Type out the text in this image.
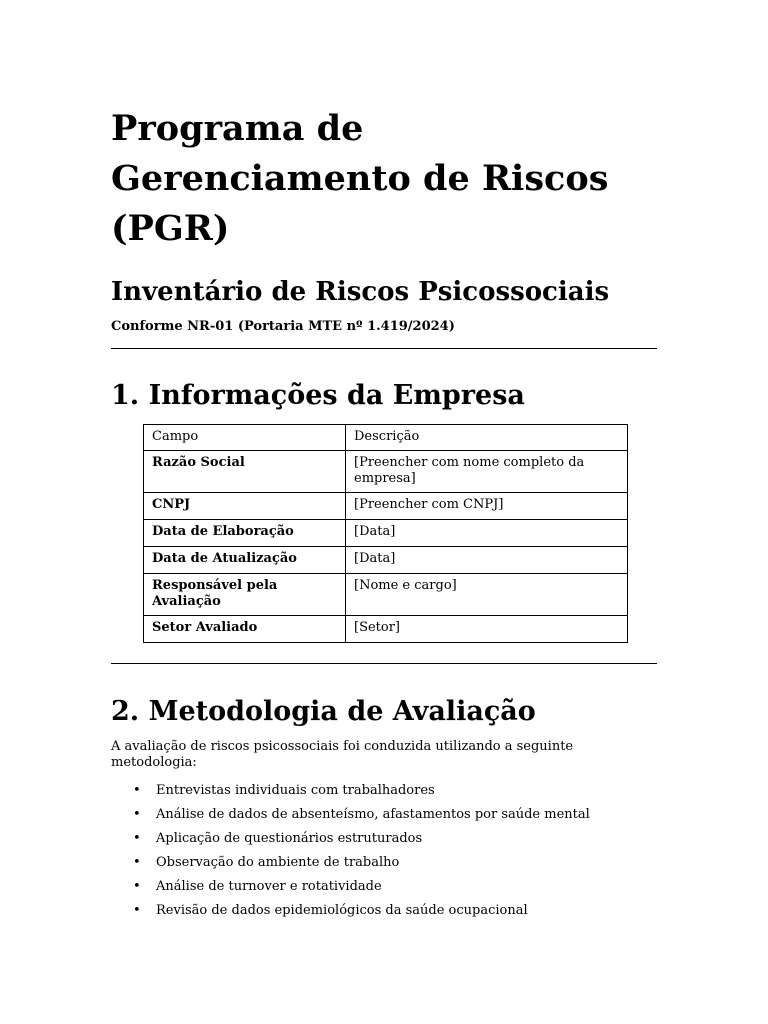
Programa de Gerenciamento de Riscos (PGR)
Inventário de Riscos Psicossociais

Conforme NR-01 (Portaria MTE nº 1.419/2024)

1. Informações da Empresa
Campo	Descrição
Razão Social	[Preencher com nome completo da empresa]
CNPJ	[Preencher com CNPJ]
Data de Elaboração	[Data]
Data de Atualização	[Data]
Responsável pela Avaliação	[Nome e cargo]
Setor Avaliado	[Setor]
2. Metodologia de Avaliação

A avaliação de riscos psicossociais foi conduzida utilizando a seguinte metodologia:

• Entrevistas individuais com trabalhadores
• Análise de dados de absenteísmo, afastamentos por saúde mental
• Aplicação de questionários estruturados
• Observação do ambiente de trabalho
• Análise de turnover e rotatividade
• Revisão de dados epidemiológicos da saúde ocupacional
